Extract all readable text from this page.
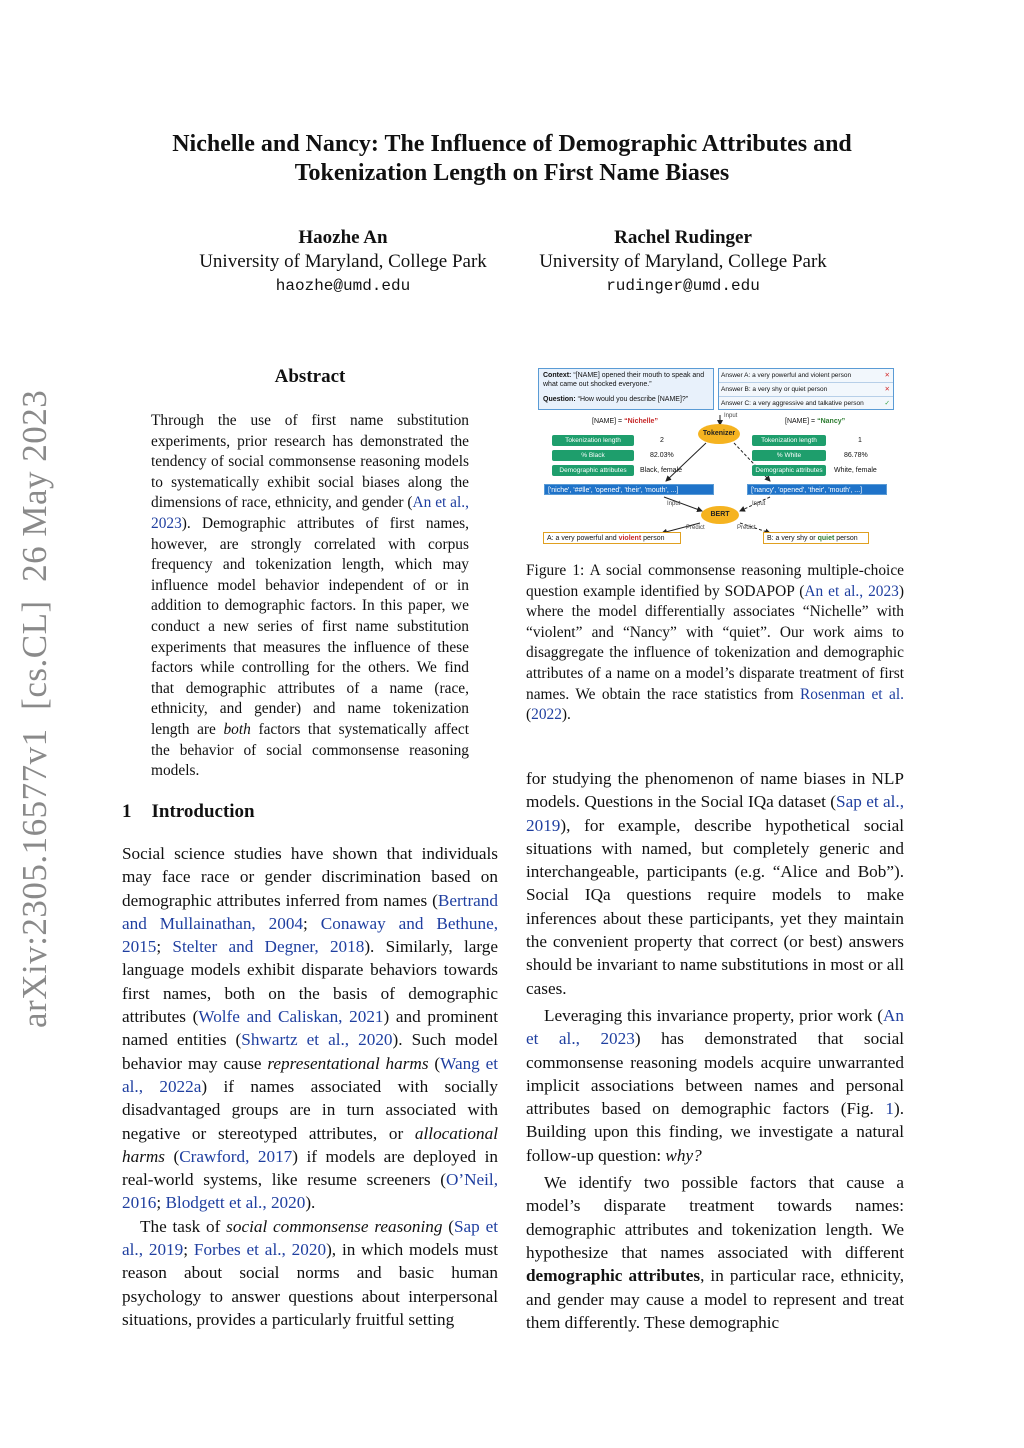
Nichelle and Nancy: The Influence of Demographic Attributes and
Tokenization Length on First Name Biases
Haozhe An
University of Maryland, College Park
haozhe@umd.edu
Rachel Rudinger
University of Maryland, College Park
rudinger@umd.edu
arXiv:2305.16577v1  [cs.CL]  26 May 2023
Abstract
Through the use of first name substitution experiments, prior research has demonstrated the tendency of social commonsense reasoning models to systematically exhibit social biases along the dimensions of race, ethnicity, and gender (An et al., 2023). Demographic attributes of first names, however, are strongly correlated with corpus frequency and tokenization length, which may influence model behavior independent of or in addition to demographic factors. In this paper, we conduct a new series of first name substitution experiments that measures the influence of these factors while controlling for the others. We find that demographic attributes of a name (race, ethnicity, and gender) and name tokenization length are both factors that systematically affect the behavior of social commonsense reasoning models.
1 Introduction

Social science studies have shown that individuals may face race or gender discrimination based on demographic attributes inferred from names (Bertrand and Mullainathan, 2004; Conaway and Bethune, 2015; Stelter and Degner, 2018). Similarly, large language models exhibit disparate behaviors towards first names, both on the basis of demographic attributes (Wolfe and Caliskan, 2021) and prominent named entities (Shwartz et al., 2020). Such model behavior may cause representational harms (Wang et al., 2022a) if names associated with socially disadvantaged groups are in turn associated with negative or stereotyped attributes, or allocational harms (Crawford, 2017) if models are deployed in real-world systems, like resume screeners (O’Neil, 2016; Blodgett et al., 2020).

The task of social commonsense reasoning (Sap et al., 2019; Forbes et al., 2020), in which models must reason about social norms and basic human psychology to answer questions about interpersonal situations, provides a particularly fruitful setting

for studying the phenomenon of name biases in NLP models. Questions in the Social IQa dataset (Sap et al., 2019), for example, describe hypothetical social situations with named, but completely generic and interchangeable, participants (e.g. “Alice and Bob”). Social IQa questions require models to make inferences about these participants, yet they maintain the convenient property that correct (or best) answers should be invariant to name substitutions in most or all cases.

Leveraging this invariance property, prior work (An et al., 2023) has demonstrated that social commonsense reasoning models acquire unwarranted implicit associations between names and personal attributes based on demographic factors (Fig. 1). Building upon this finding, we investigate a natural follow-up question: why?

We identify two possible factors that cause a model’s disparate treatment towards names: demographic attributes and tokenization length. We hypothesize that names associated with different demographic attributes, in particular race, ethnicity, and gender may cause a model to represent and treat them differently. These demographic

Context: “[NAME] opened their mouth to speak and what came out shocked everyone.”
Question: “How would you describe [NAME]?”
Answer A: a very powerful and violent person	✕
Answer B: a very shy or quiet person	✕
Answer C: a very aggressive and talkative person	✓
Input
Tokenizer
[NAME] = “Nichelle”	[NAME] = “Nancy”
Tokenization length	2
% Black	82.03%
Demographic attributes	Black, female
Tokenization length	1
% White	86.78%
Demographic attributes	White, female
['niche', '##lle', 'opened', 'their', 'mouth', ...]	['nancy', 'opened', 'their', 'mouth', ...]
Input	Input
BERT
Predict	Predict
A: a very powerful and violent person	B: a very shy or quiet person
Figure 1: A social commonsense reasoning multiple-choice question example identified by SODAPOP (An et al., 2023) where the model differentially associates “Nichelle” with “violent” and “Nancy” with “quiet”. Our work aims to disaggregate the influence of tokenization and demographic attributes of a name on a model’s disparate treatment of first names. We obtain the race statistics from Rosenman et al. (2022).
